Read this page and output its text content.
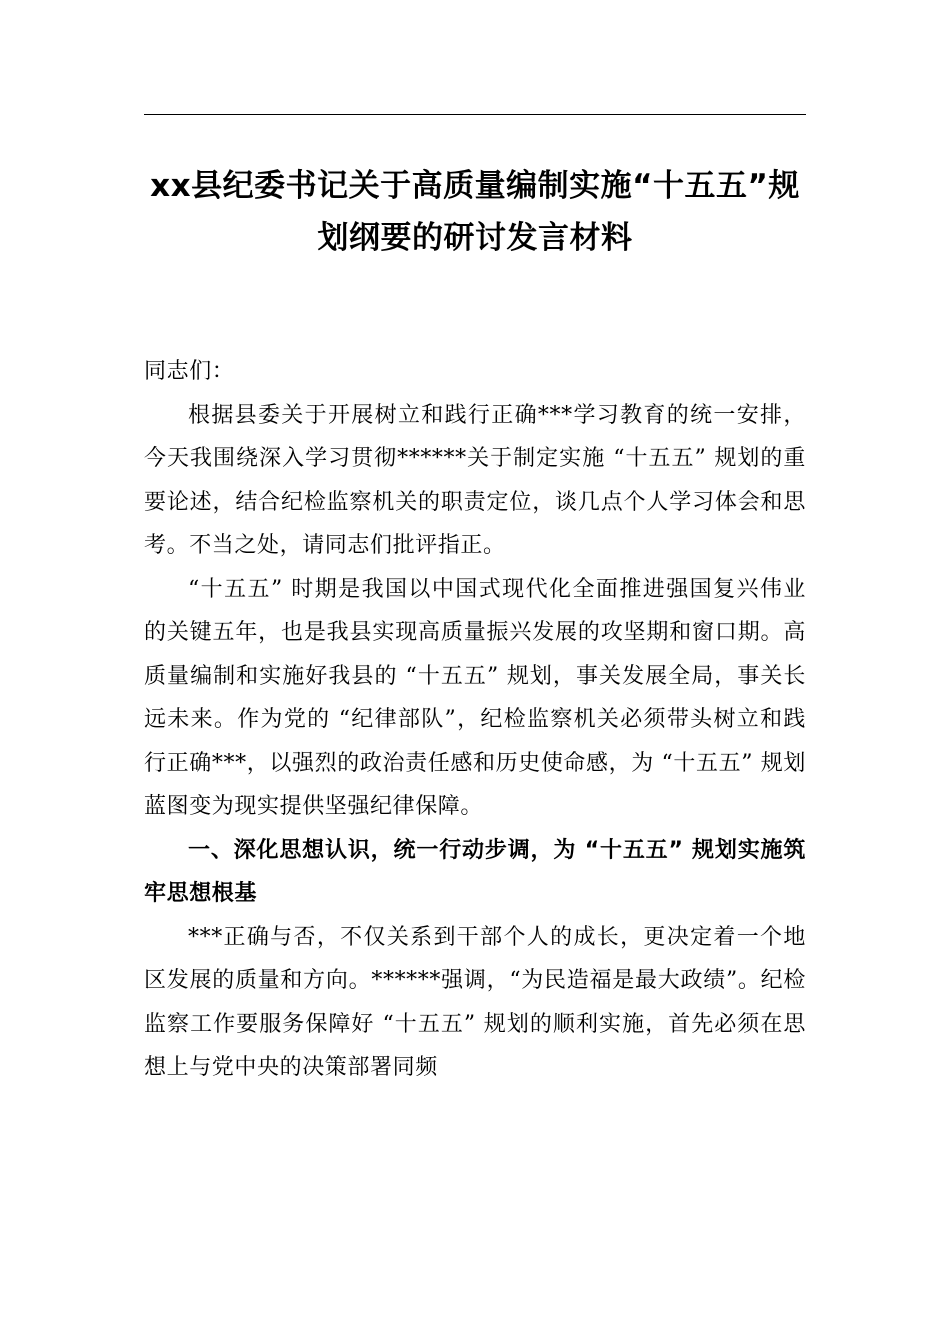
xx县纪委书记关于高质量编制实施“十五五”规划纲要的研讨发言材料

同志们：

根据县委关于开展树立和践行正确***学习教育的统一安排，今天我围绕深入学习贯彻******关于制定实施 “十五五” 规划的重要论述，结合纪检监察机关的职责定位，谈几点个人学习体会和思考。不当之处，请同志们批评指正。

“十五五” 时期是我国以中国式现代化全面推进强国复兴伟业的关键五年，也是我县实现高质量振兴发展的攻坚期和窗口期。高质量编制和实施好我县的 “十五五” 规划，事关发展全局，事关长远未来。作为党的 “纪律部队”，纪检监察机关必须带头树立和践行正确***，以强烈的政治责任感和历史使命感，为 “十五五” 规划蓝图变为现实提供坚强纪律保障。

一、深化思想认识，统一行动步调，为 “十五五” 规划实施筑牢思想根基

***正确与否，不仅关系到干部个人的成长，更决定着一个地区发展的质量和方向。******强调，“为民造福是最大政绩”。纪检监察工作要服务保障好 “十五五” 规划的顺利实施，首先必须在思想上与党中央的决策部署同频
